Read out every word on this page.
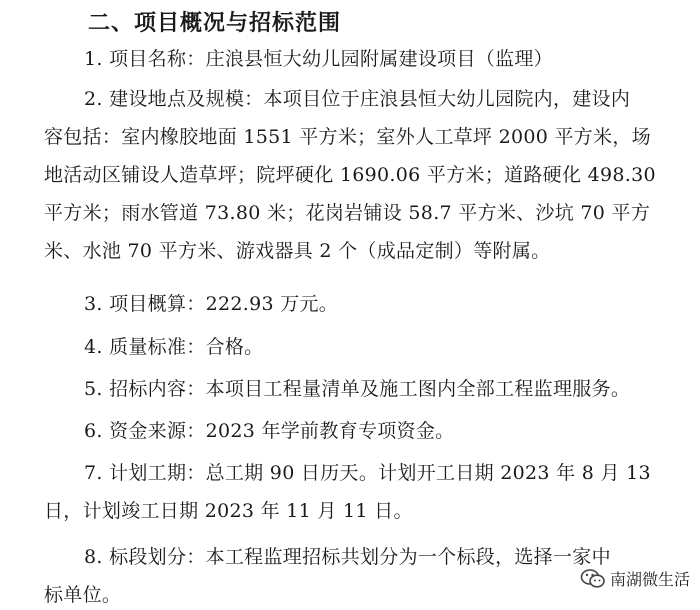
二、项目概况与招标范围
1. 项目名称：庄浪县恒大幼儿园附属建设项目（监理）
2. 建设地点及规模：本项目位于庄浪县恒大幼儿园院内，建设内
容包括：室内橡胶地面 1551 平方米；室外人工草坪 2000 平方米，场
地活动区铺设人造草坪；院坪硬化 1690.06 平方米；道路硬化 498.30
平方米；雨水管道 73.80 米；花岗岩铺设 58.7 平方米、沙坑 70 平方
米、水池 70 平方米、游戏器具 2 个（成品定制）等附属。
3. 项目概算：222.93 万元。
4. 质量标准：合格。
5. 招标内容：本项目工程量清单及施工图内全部工程监理服务。
6. 资金来源：2023 年学前教育专项资金。
7. 计划工期：总工期 90 日历天。计划开工日期 2023 年 8 月 13
日，计划竣工日期 2023 年 11 月 11 日。
8. 标段划分：本工程监理招标共划分为一个标段，选择一家中
标单位。
南湖微生活
